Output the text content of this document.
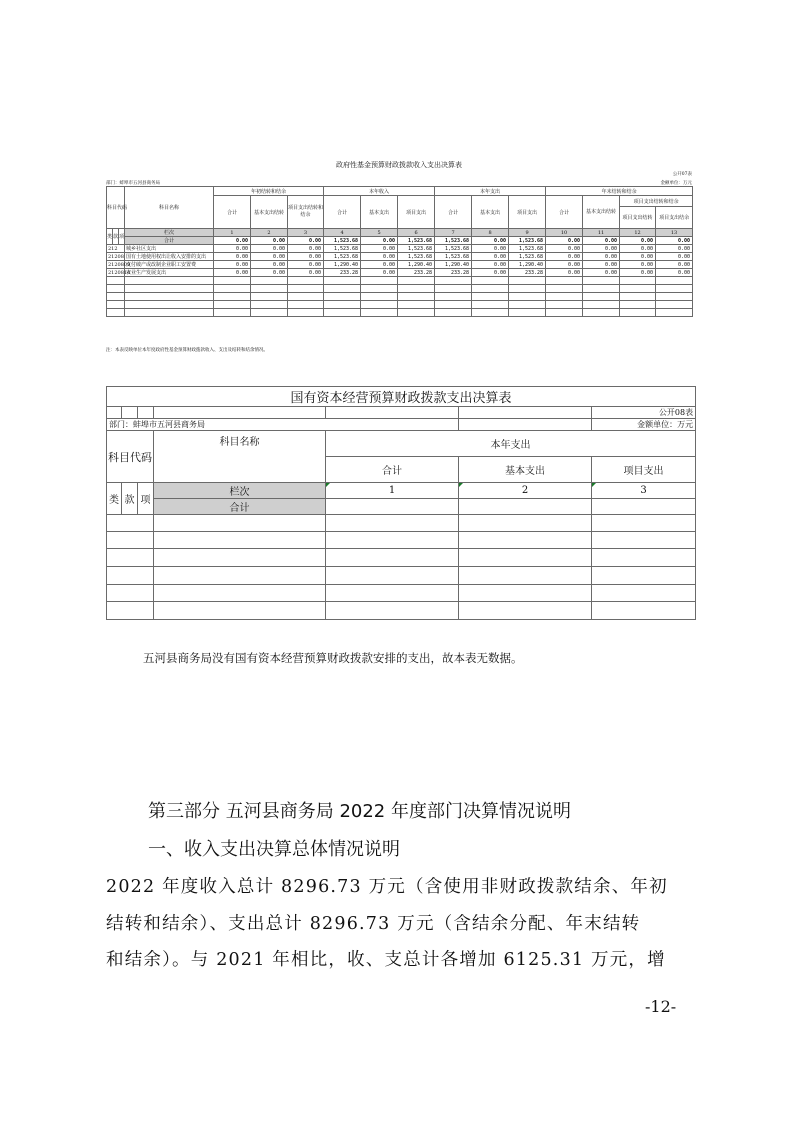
政府性基金预算财政拨款收入支出决算表
公开07表
部门：蚌埠市五河县商务局	金额单位：万元
科目代码			科目名称	年初结转和结余			本年收入			本年支出			年末结转和结余			
				合计	基本支出结转	项目支出结转和结余	合计	基本支出	项目支出	合计	基本支出	项目支出	合计	基本支出结转	项目支出结转和结余	
															项目支出结转	项目支出结余
类	款	项	栏次	1	2	3	4	5	6	7	8	9	10	11	12	13
			合计	0.00	0.00	0.00	1,523.68	0.00	1,523.68	1,523.68	0.00	1,523.68	0.00	0.00	0.00	0.00
212			城乡社区支出	0.00	0.00	0.00	1,523.68	0.00	1,523.68	1,523.68	0.00	1,523.68	0.00	0.00	0.00	0.00
21208			国有土地使用权出让收入安排的支出	0.00	0.00	0.00	1,523.68	0.00	1,523.68	1,523.68	0.00	1,523.68	0.00	0.00	0.00	0.00
2120809			支付破产或改制企业职工安置费	0.00	0.00	0.00	1,290.40	0.00	1,290.40	1,290.40	0.00	1,290.40	0.00	0.00	0.00	0.00
2120814			农业生产发展支出	0.00	0.00	0.00	233.28	0.00	233.28	233.28	0.00	233.28	0.00	0.00	0.00	0.00

注：本表反映单位本年度政府性基金预算财政拨款收入、支出及结转和结余情况。
国有资本经营预算财政拨款支出决算表						
						公开08表
部门：蚌埠市五河县商务局						金额单位：万元
科目代码			科目名称	本年支出		
				合计	基本支出	项目支出
类	款	项	栏次	1	2	3
			合计			

五河县商务局没有国有资本经营预算财政拨款安排的支出，故本表无数据。
第三部分 五河县商务局 2022 年度部门决算情况说明
一、收入支出决算总体情况说明
2022 年度收入总计 8296.73 万元（含使用非财政拨款结余、年初
结转和结余）、支出总计 8296.73 万元（含结余分配、年末结转
和结余）。与 2021 年相比，收、支总计各增加 6125.31 万元，增
-12-
